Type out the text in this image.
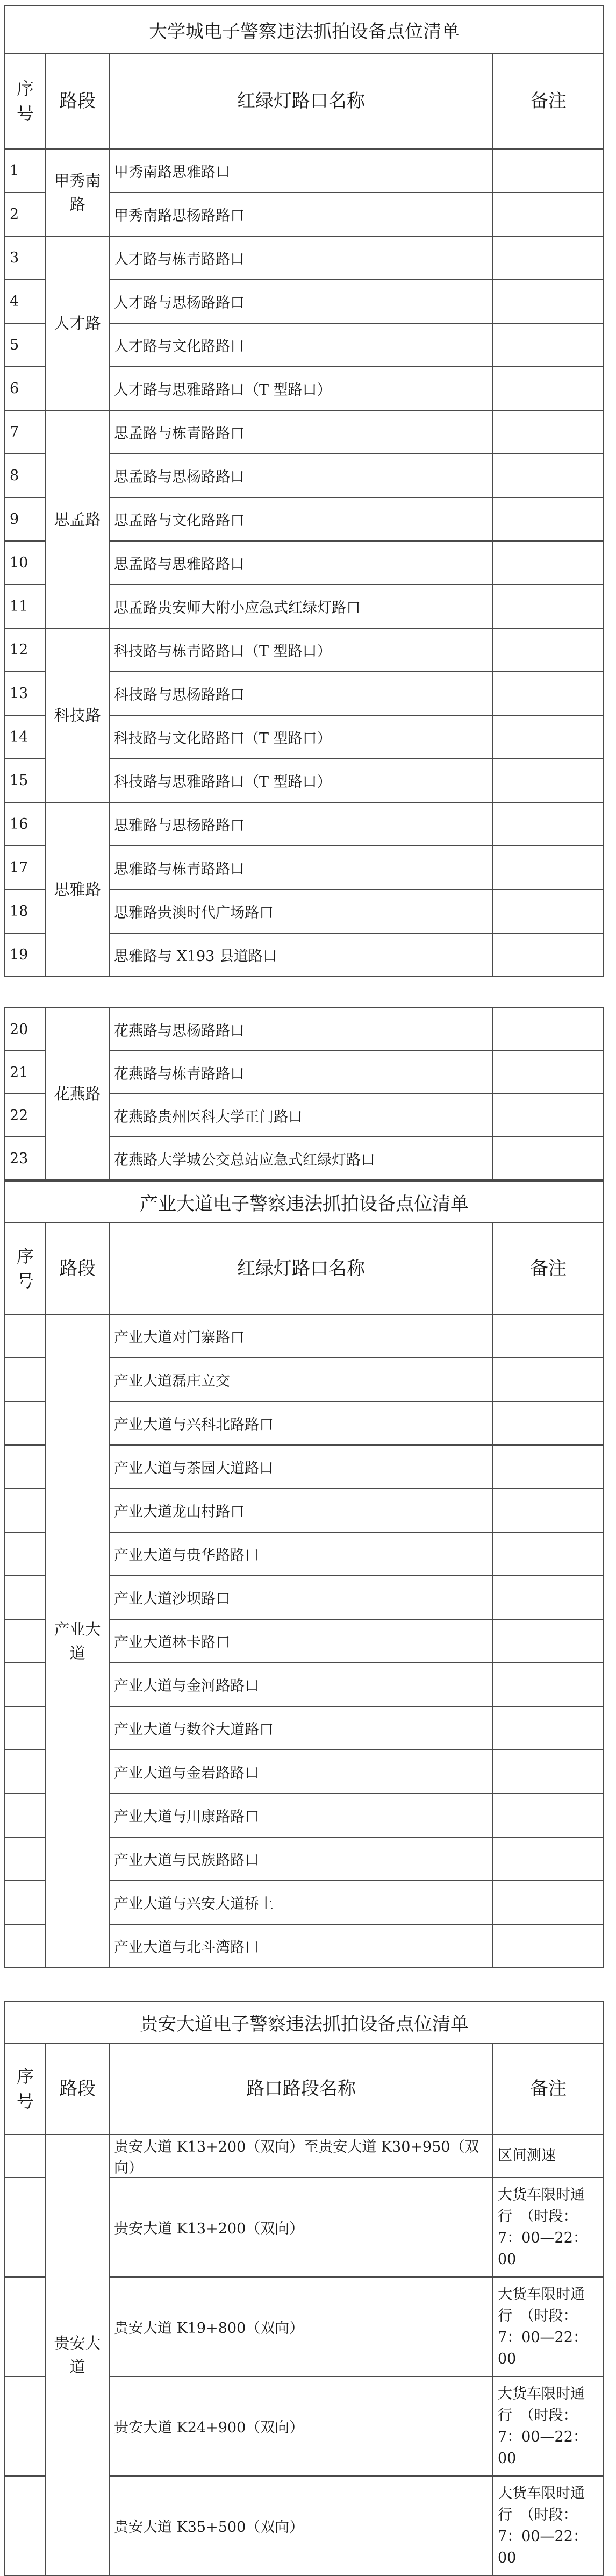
大学城电子警察违法抓拍设备点位清单			
序号	路段	红绿灯路口名称	备注
1	甲秀南路	甲秀南路思雅路口	
2		甲秀南路思杨路路口	
3	人才路	人才路与栋青路路口	
4		人才路与思杨路路口	
5		人才路与文化路路口	
6		人才路与思雅路路口（T 型路口）	
7	思孟路	思孟路与栋青路路口	
8		思孟路与思杨路路口	
9		思孟路与文化路路口	
10		思孟路与思雅路路口	
11		思孟路贵安师大附小应急式红绿灯路口	
12	科技路	科技路与栋青路路口（T 型路口）	
13		科技路与思杨路路口	
14		科技路与文化路路口（T 型路口）	
15		科技路与思雅路路口（T 型路口）	
16	思雅路	思雅路与思杨路路口	
17		思雅路与栋青路路口	
18		思雅路贵澳时代广场路口	
19		思雅路与 X193 县道路口	
20	花燕路	花燕路与思杨路路口	
21		花燕路与栋青路路口	
22		花燕路贵州医科大学正门路口	
23		花燕路大学城公交总站应急式红绿灯路口	
产业大道电子警察违法抓拍设备点位清单			
序号	路段	红绿灯路口名称	备注
	产业大道	产业大道对门寨路口	
		产业大道磊庄立交	
		产业大道与兴科北路路口	
		产业大道与茶园大道路口	
		产业大道龙山村路口	
		产业大道与贵华路路口	
		产业大道沙坝路口	
		产业大道林卡路口	
		产业大道与金河路路口	
		产业大道与数谷大道路口	
		产业大道与金岩路路口	
		产业大道与川康路路口	
		产业大道与民族路路口	
		产业大道与兴安大道桥上	
		产业大道与北斗湾路口	
贵安大道电子警察违法抓拍设备点位清单			
序号	路段	路口路段名称	备注
	贵安大道	贵安大道 K13+200（双向）至贵安大道 K30+950（双向）	区间测速
		贵安大道 K13+200（双向）	大货车限时通行　（时段：7：00—22：00
		贵安大道 K19+800（双向）	大货车限时通行　（时段：7：00—22：00
		贵安大道 K24+900（双向）	大货车限时通行　（时段：7：00—22：00
		贵安大道 K35+500（双向）	大货车限时通行　（时段：7：00—22：00
